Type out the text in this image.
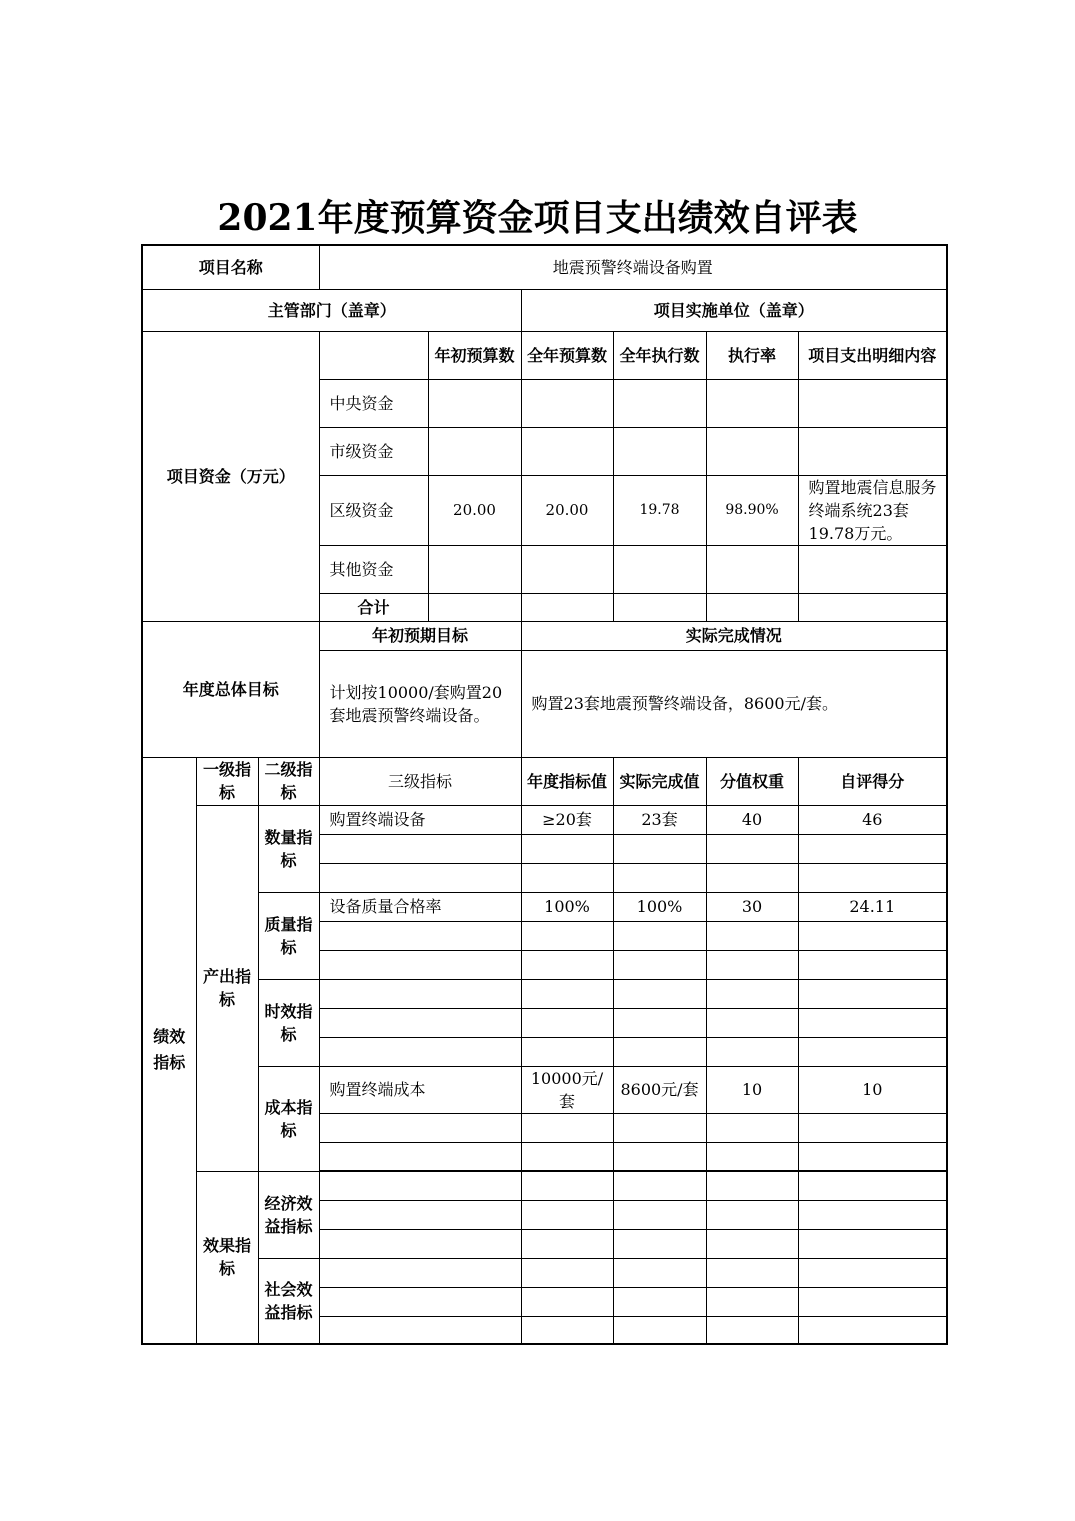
2021年度预算资金项目支出绩效自评表
项目名称			地震预警终端设备购置					
主管部门（盖章）					项目实施单位（盖章）			
项目资金（万元）				年初预算数	全年预算数	全年执行数	执行率	项目支出明细内容
			中央资金					
			市级资金					
			区级资金	20.00	20.00	19.78	98.90%	购置地震信息服务终端系统23套19.78万元。
			其他资金					
			合计					
年度总体目标			年初预期目标		实际完成情况			
			计划按10000/套购置20套地震预警终端设备。		购置23套地震预警终端设备，8600元/套。			
绩效指标	一级指标	二级指标	三级指标		年度指标值	实际完成值	分值权重	自评得分
	产出指标	数量指标	购置终端设备		≥20套	23套	40	46

		质量指标	设备质量合格率		100%	100%	30	24.11

		时效指标						

		成本指标	购置终端成本		10000元/套	8600元/套	10	10

	效果指标	经济效益指标						

		社会效益指标						
